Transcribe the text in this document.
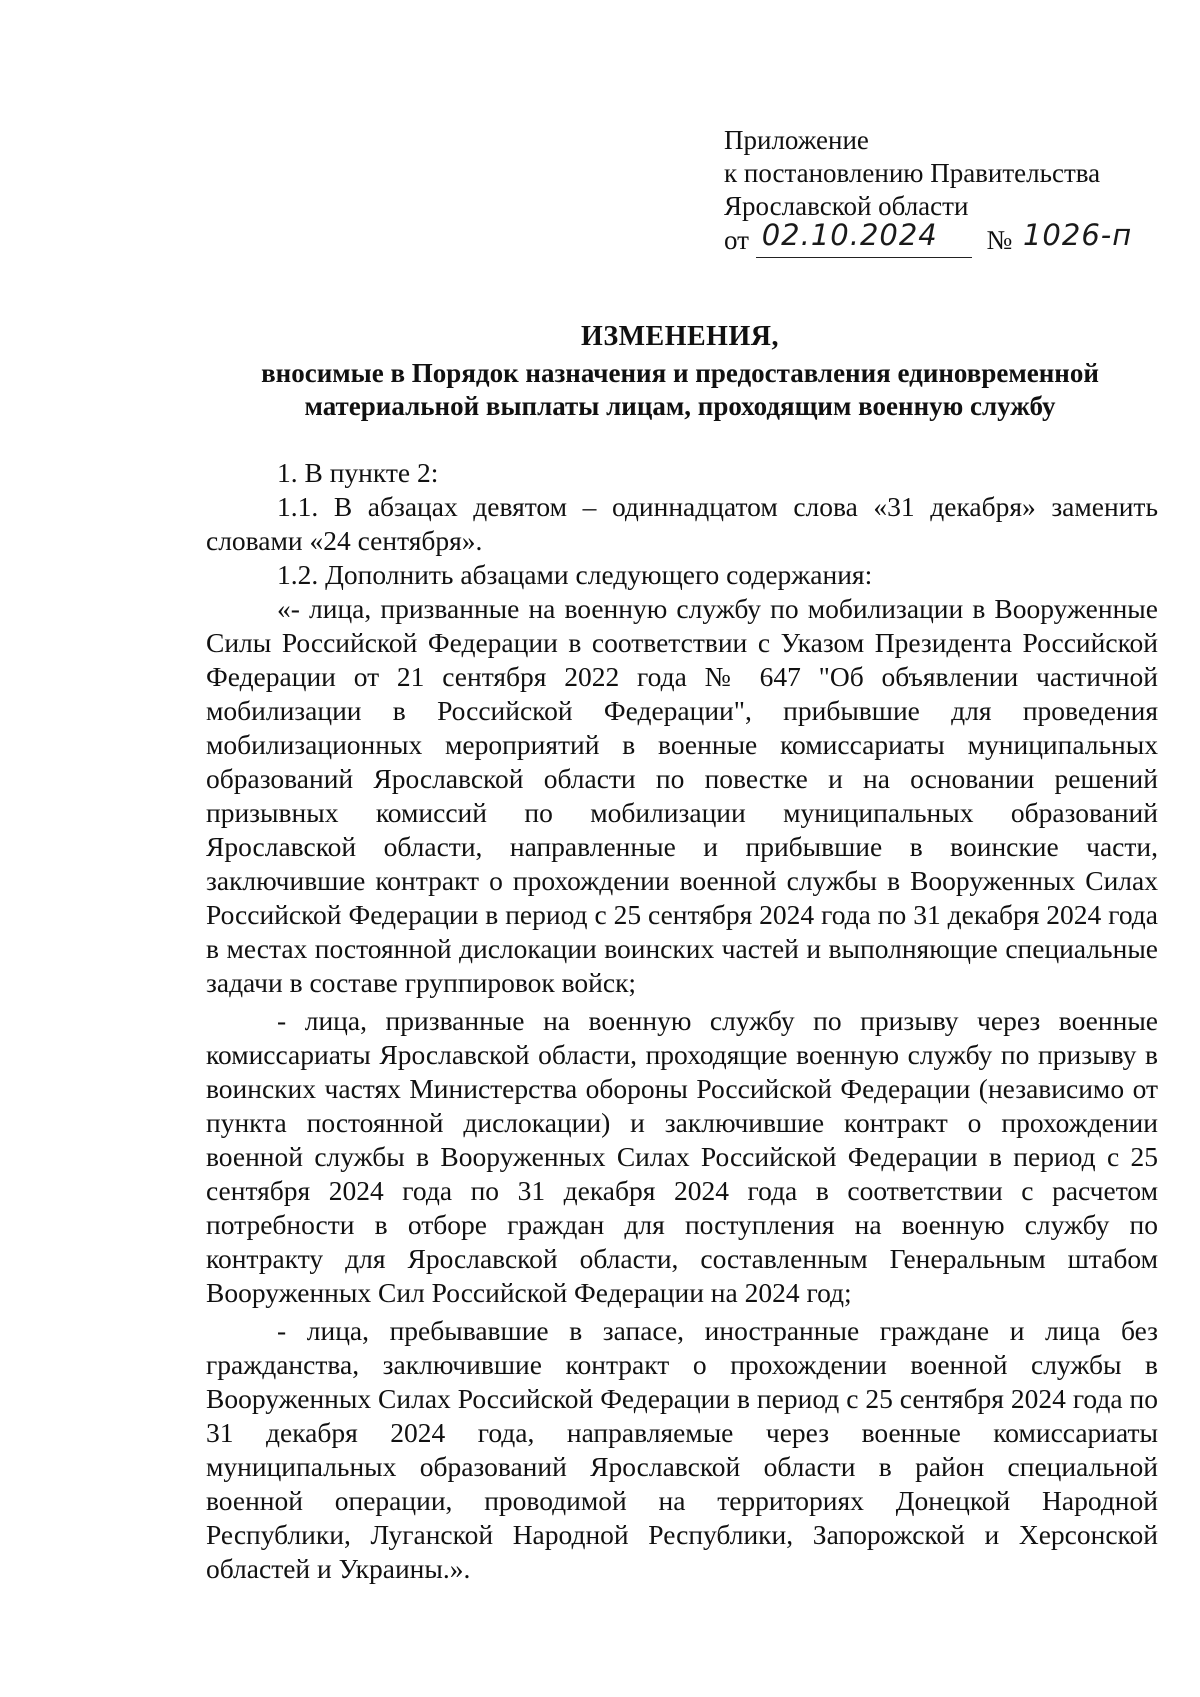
Приложение
к постановлению Правительства
Ярославской области
от 02.10.2024 № 1026-п
ИЗМЕНЕНИЯ,
вносимые в Порядок назначения и предоставления единовременной
материальной выплаты лицам, проходящим военную службу

1. В пункте 2:

1.1. В абзацах девятом – одиннадцатом слова «31 декабря» заменить словами «24 сентября».

1.2. Дополнить абзацами следующего содержания:

«- лица, призванные на военную службу по мобилизации в Вооруженные Силы Российской Федерации в соответствии с Указом Президента Российской Федерации от 21 сентября 2022 года № 647 "Об объявлении частичной мобилизации в Российской Федерации", прибывшие для проведения мобилизационных мероприятий в военные комиссариаты муниципальных образований Ярославской области по повестке и на основании решений призывных комиссий по мобилизации муниципальных образований Ярославской области, направленные и прибывшие в воинские части, заключившие контракт о прохождении военной службы в Вооруженных Силах Российской Федерации в период с 25 сентября 2024 года по 31 декабря 2024 года в местах постоянной дислокации воинских частей и выполняющие специальные задачи в составе группировок войск;

- лица, призванные на военную службу по призыву через военные комиссариаты Ярославской области, проходящие военную службу по призыву в воинских частях Министерства обороны Российской Федерации (независимо от пункта постоянной дислокации) и заключившие контракт о прохождении военной службы в Вооруженных Силах Российской Федерации в период с 25 сентября 2024 года по 31 декабря 2024 года в соответствии с расчетом потребности в отборе граждан для поступления на военную службу по контракту для Ярославской области, составленным Генеральным штабом Вооруженных Сил Российской Федерации на 2024 год;

- лица, пребывавшие в запасе, иностранные граждане и лица без гражданства, заключившие контракт о прохождении военной службы в Вооруженных Силах Российской Федерации в период с 25 сентября 2024 года по 31 декабря 2024 года, направляемые через военные комиссариаты муниципальных образований Ярославской области в район специальной военной операции, проводимой на территориях Донецкой Народной Республики, Луганской Народной Республики, Запорожской и Херсонской областей и Украины.».
